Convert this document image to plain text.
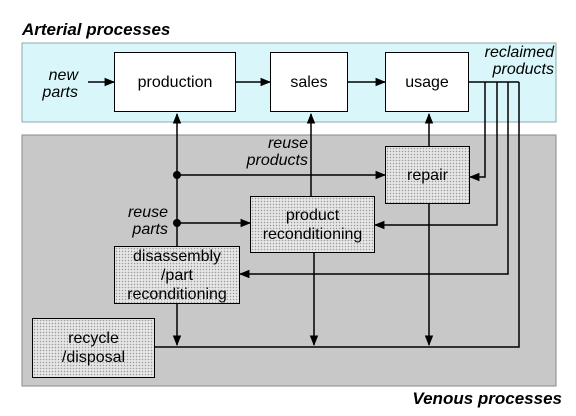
Arterial processes
Venous processes
production	sales	usage
repair
product
reconditioning
disassembly
/part
reconditioning
recycle
/disposal
new
parts
reclaimed
products
reuse
products
reuse
parts
